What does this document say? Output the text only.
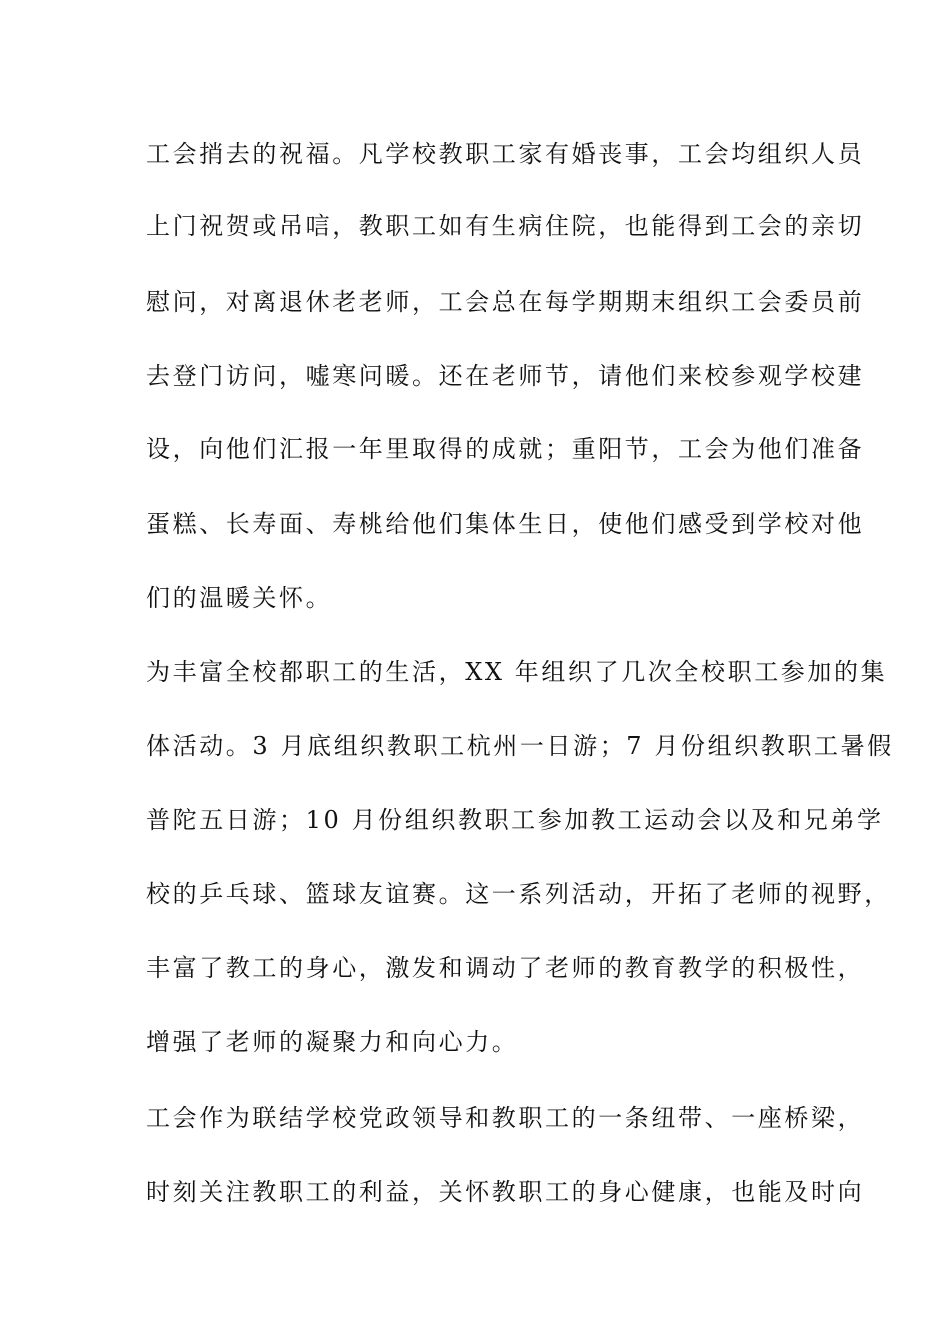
工会捎去的祝福。凡学校教职工家有婚丧事，工会均组织人员
上门祝贺或吊唁，教职工如有生病住院，也能得到工会的亲切
慰问，对离退休老老师，工会总在每学期期末组织工会委员前
去登门访问，嘘寒问暖。还在老师节，请他们来校参观学校建
设，向他们汇报一年里取得的成就；重阳节，工会为他们准备
蛋糕、长寿面、寿桃给他们集体生日，使他们感受到学校对他
们的温暖关怀。
为丰富全校都职工的生活，XX 年组织了几次全校职工参加的集
体活动。3 月底组织教职工杭州一日游；7 月份组织教职工暑假
普陀五日游；10 月份组织教职工参加教工运动会以及和兄弟学
校的乒乓球、篮球友谊赛。这一系列活动，开拓了老师的视野，
丰富了教工的身心，激发和调动了老师的教育教学的积极性，
增强了老师的凝聚力和向心力。
工会作为联结学校党政领导和教职工的一条纽带、一座桥梁，
时刻关注教职工的利益，关怀教职工的身心健康，也能及时向
